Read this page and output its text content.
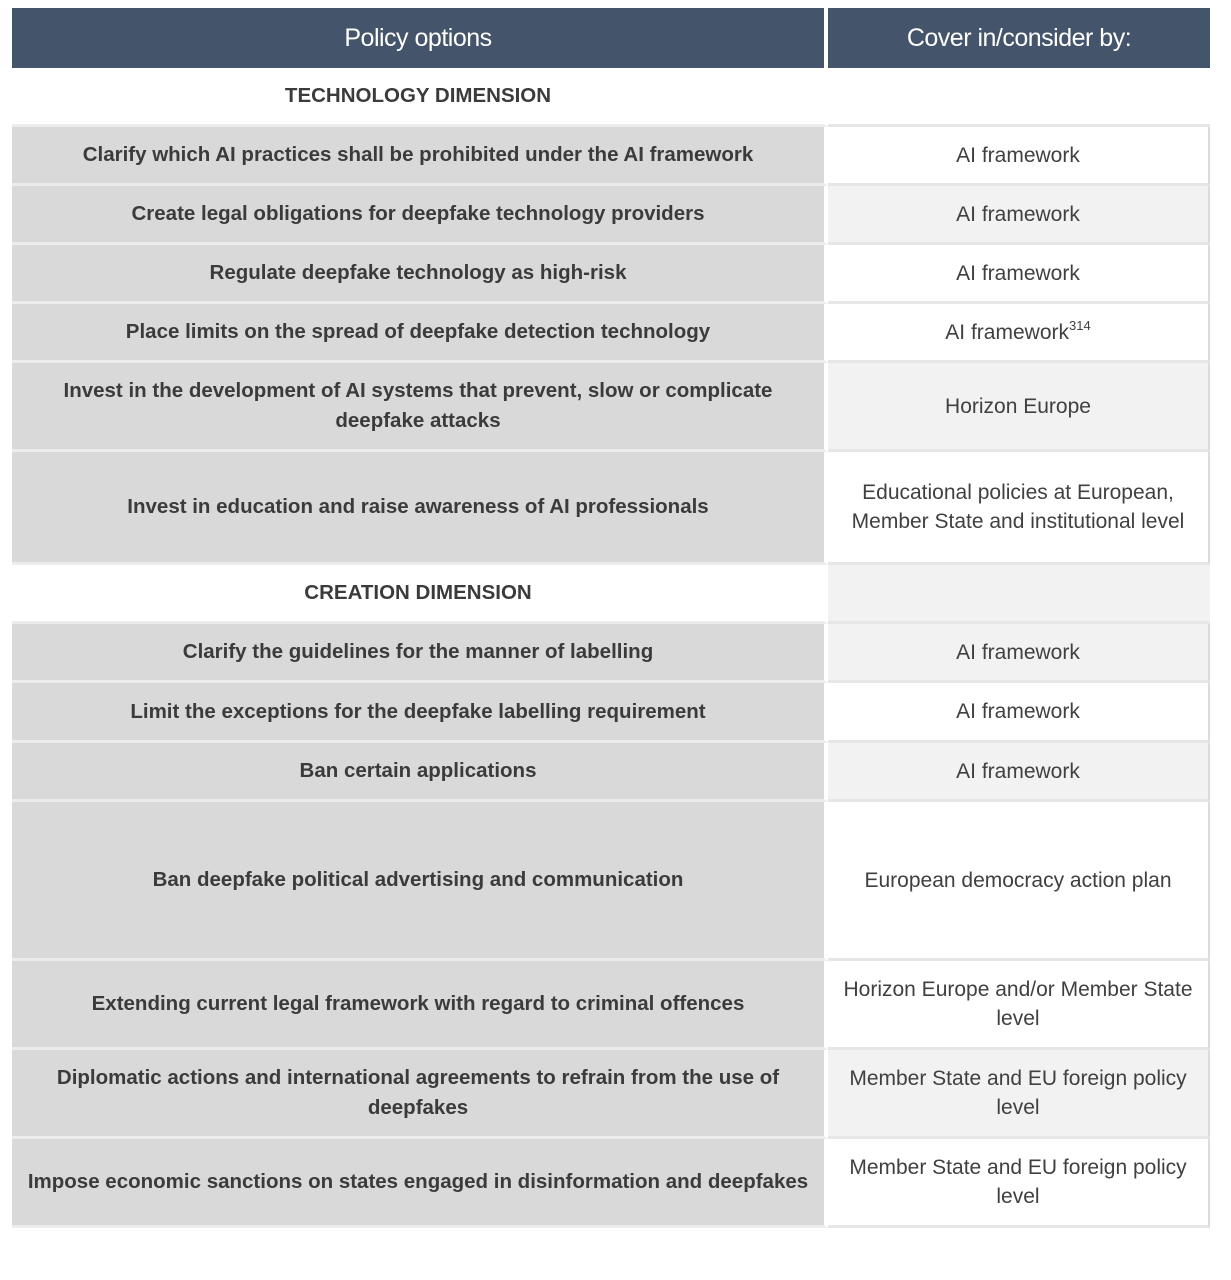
Policy options	Cover in/consider by:
TECHNOLOGY DIMENSION	
Clarify which AI practices shall be prohibited under the AI framework	AI framework
Create legal obligations for deepfake technology providers	AI framework
Regulate deepfake technology as high-risk	AI framework
Place limits on the spread of deepfake detection technology	AI framework$^{314}$
Invest in the development of AI systems that prevent, slow or complicate deepfake attacks	Horizon Europe
Invest in education and raise awareness of AI professionals	Educational policies at European, Member State and institutional level
CREATION DIMENSION	
Clarify the guidelines for the manner of labelling	AI framework
Limit the exceptions for the deepfake labelling requirement	AI framework
Ban certain applications	AI framework
Ban deepfake political advertising and communication	European democracy action plan
Extending current legal framework with regard to criminal offences	Horizon Europe and/or Member State level
Diplomatic actions and international agreements to refrain from the use of deepfakes	Member State and EU foreign policy level
Impose economic sanctions on states engaged in disinformation and deepfakes	Member State and EU foreign policy level
